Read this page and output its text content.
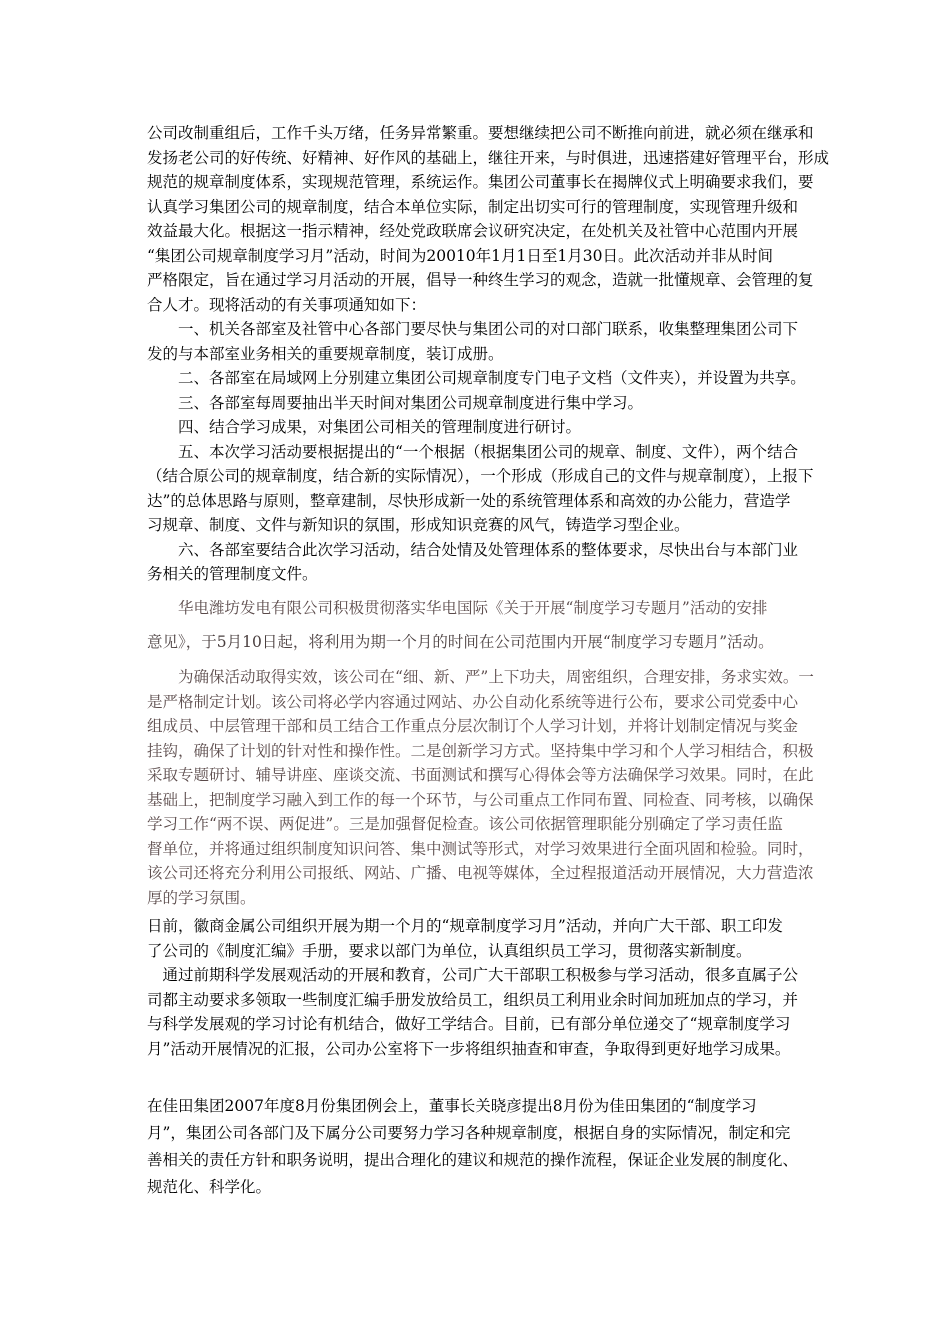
公司改制重组后，工作千头万绪，任务异常繁重。要想继续把公司不断推向前进，就必须在继承和
发扬老公司的好传统、好精神、好作风的基础上，继往开来，与时俱进，迅速搭建好管理平台，形成
规范的规章制度体系，实现规范管理，系统运作。集团公司董事长在揭牌仪式上明确要求我们，要
认真学习集团公司的规章制度，结合本单位实际，制定出切实可行的管理制度，实现管理升级和
效益最大化。根据这一指示精神，经处党政联席会议研究决定，在处机关及社管中心范围内开展
“集团公司规章制度学习月”活动，时间为20010年1月1日至1月30日。此次活动并非从时间
严格限定，旨在通过学习月活动的开展，倡导一种终生学习的观念，造就一批懂规章、会管理的复
合人才。现将活动的有关事项通知如下：
　　一、机关各部室及社管中心各部门要尽快与集团公司的对口部门联系，收集整理集团公司下
发的与本部室业务相关的重要规章制度，装订成册。
　　二、各部室在局域网上分别建立集团公司规章制度专门电子文档（文件夹），并设置为共享。
　　三、各部室每周要抽出半天时间对集团公司规章制度进行集中学习。
　　四、结合学习成果，对集团公司相关的管理制度进行研讨。
　　五、本次学习活动要根据提出的“一个根据（根据集团公司的规章、制度、文件），两个结合
（结合原公司的规章制度，结合新的实际情况），一个形成（形成自己的文件与规章制度），上报下
达”的总体思路与原则，整章建制，尽快形成新一处的系统管理体系和高效的办公能力，营造学
习规章、制度、文件与新知识的氛围，形成知识竞赛的风气，铸造学习型企业。
　　六、各部室要结合此次学习活动，结合处情及处管理体系的整体要求，尽快出台与本部门业
务相关的管理制度文件。
　　华电潍坊发电有限公司积极贯彻落实华电国际《关于开展“制度学习专题月”活动的安排
意见》，于5月10日起，将利用为期一个月的时间在公司范围内开展“制度学习专题月”活动。
　　为确保活动取得实效，该公司在“细、新、严”上下功夫，周密组织，合理安排，务求实效。一
是严格制定计划。该公司将必学内容通过网站、办公自动化系统等进行公布，要求公司党委中心
组成员、中层管理干部和员工结合工作重点分层次制订个人学习计划，并将计划制定情况与奖金
挂钩，确保了计划的针对性和操作性。二是创新学习方式。坚持集中学习和个人学习相结合，积极
采取专题研讨、辅导讲座、座谈交流、书面测试和撰写心得体会等方法确保学习效果。同时，在此
基础上，把制度学习融入到工作的每一个环节，与公司重点工作同布置、同检查、同考核，以确保
学习工作“两不误、两促进”。三是加强督促检查。该公司依据管理职能分别确定了学习责任监
督单位，并将通过组织制度知识问答、集中测试等形式，对学习效果进行全面巩固和检验。同时，
该公司还将充分利用公司报纸、网站、广播、电视等媒体，全过程报道活动开展情况，大力营造浓
厚的学习氛围。
日前，徽商金属公司组织开展为期一个月的“规章制度学习月”活动，并向广大干部、职工印发
了公司的《制度汇编》手册，要求以部门为单位，认真组织员工学习，贯彻落实新制度。
　通过前期科学发展观活动的开展和教育，公司广大干部职工积极参与学习活动，很多直属子公
司都主动要求多领取一些制度汇编手册发放给员工，组织员工利用业余时间加班加点的学习，并
与科学发展观的学习讨论有机结合，做好工学结合。目前，已有部分单位递交了“规章制度学习
月”活动开展情况的汇报，公司办公室将下一步将组织抽查和审查，争取得到更好地学习成果。
在佳田集团2007年度8月份集团例会上，董事长关晓彦提出8月份为佳田集团的“制度学习
月”，集团公司各部门及下属分公司要努力学习各种规章制度，根据自身的实际情况，制定和完
善相关的责任方针和职务说明，提出合理化的建议和规范的操作流程，保证企业发展的制度化、
规范化、科学化。
